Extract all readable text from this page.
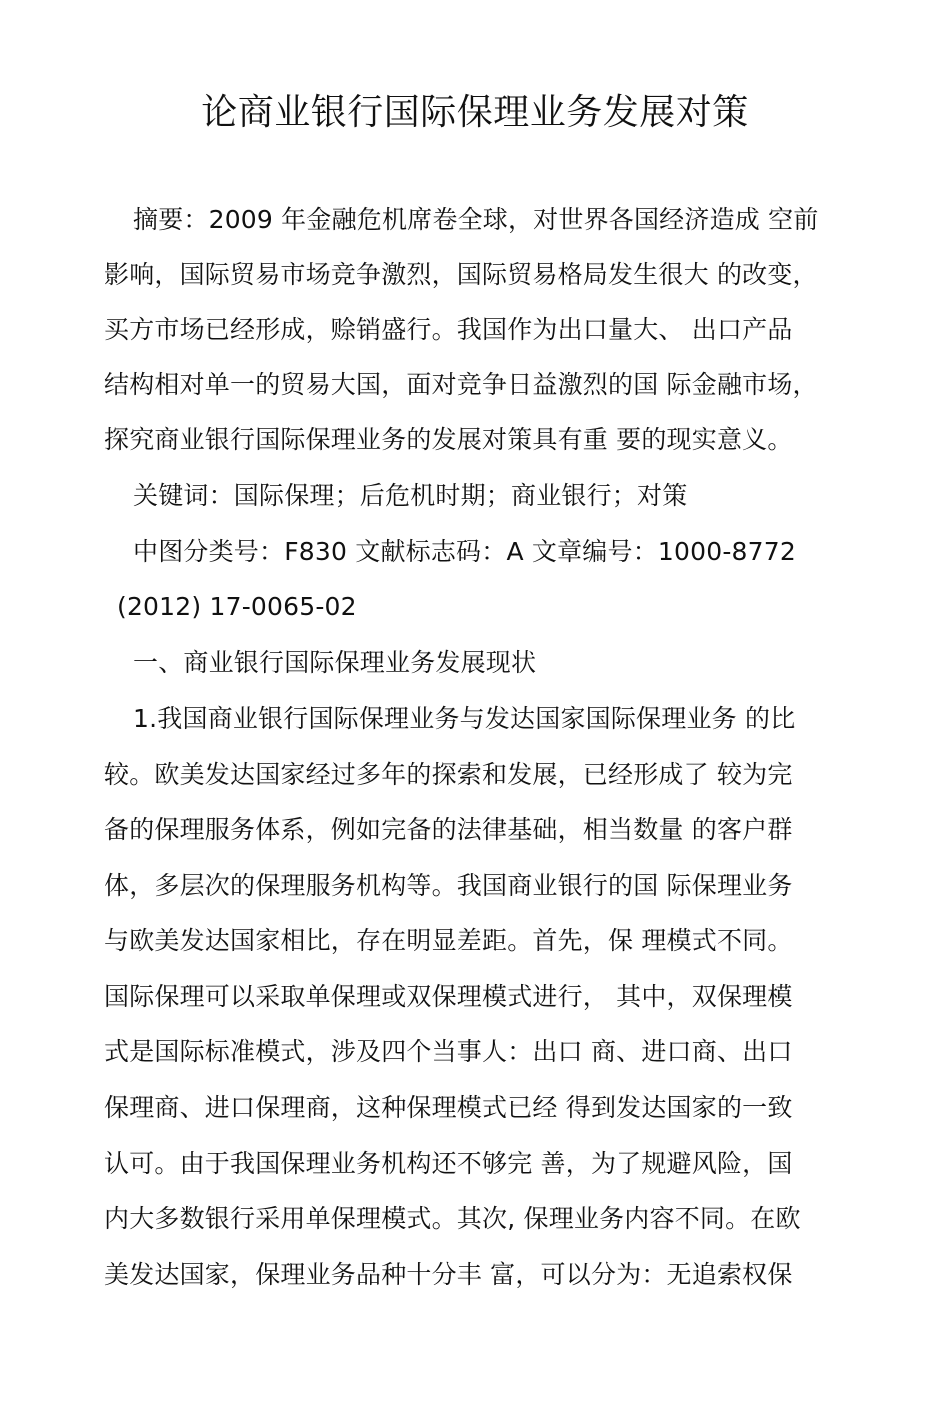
论商业银行国际保理业务发展对策
摘要：2009 年金融危机席卷全球，对世界各国经济造成 空前
影响，国际贸易市场竞争激烈，国际贸易格局发生很大 的改变，
买方市场已经形成，赊销盛行。我国作为出口量大、 出口产品
结构相对单一的贸易大国，面对竞争日益激烈的国 际金融市场，
探究商业银行国际保理业务的发展对策具有重 要的现实意义。
关键词：国际保理；后危机时期；商业银行；对策
中图分类号：F830 文献标志码：A 文章编号：1000-8772
(2012) 17-0065-02
一、商业银行国际保理业务发展现状
1.我国商业银行国际保理业务与发达国家国际保理业务 的比
较。欧美发达国家经过多年的探索和发展，已经形成了 较为完
备的保理服务体系，例如完备的法律基础，相当数量 的客户群
体，多层次的保理服务机构等。我国商业银行的国 际保理业务
与欧美发达国家相比，存在明显差距。首先，保 理模式不同。
国际保理可以采取单保理或双保理模式进行， 其中，双保理模
式是国际标准模式，涉及四个当事人：出口 商、进口商、出口
保理商、进口保理商，这种保理模式已经 得到发达国家的一致
认可。由于我国保理业务机构还不够完 善，为了规避风险，国
内大多数银行采用单保理模式。其次, 保理业务内容不同。在欧
美发达国家，保理业务品种十分丰 富，可以分为：无追索权保
